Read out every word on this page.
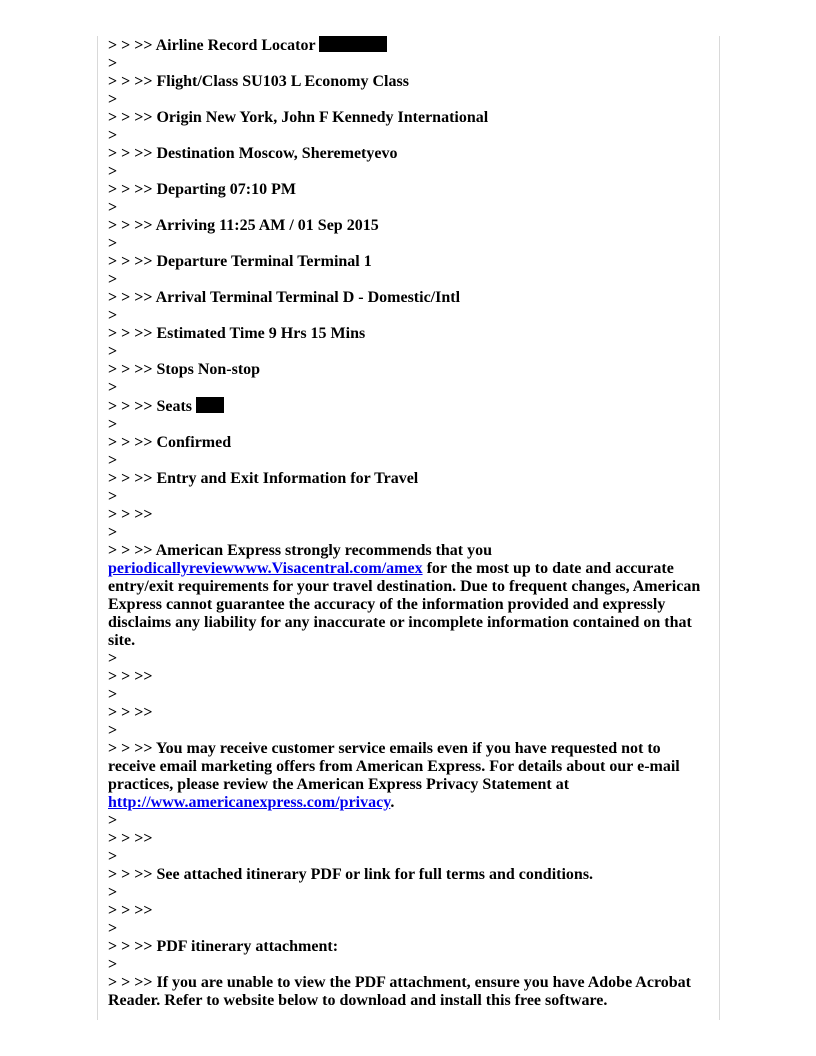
> > >> Airline Record Locator

>

> > >> Flight/Class SU103 L Economy Class

>

> > >> Origin New York, John F Kennedy International

>

> > >> Destination Moscow, Sheremetyevo

>

> > >> Departing 07:10 PM

>

> > >> Arriving 11:25 AM / 01 Sep 2015

>

> > >> Departure Terminal Terminal 1

>

> > >> Arrival Terminal Terminal D - Domestic/Intl

>

> > >> Estimated Time 9 Hrs 15 Mins

>

> > >> Stops Non-stop

>

> > >> Seats

>

> > >> Confirmed

>

> > >> Entry and Exit Information for Travel

>

> > >>

>

> > >> American Express strongly recommends that you periodicallyreviewwww.Visacentral.com/amex for the most up to date and accurate entry/exit requirements for your travel destination. Due to frequent changes, American Express cannot guarantee the accuracy of the information provided and expressly disclaims any liability for any inaccurate or incomplete information contained on that site.

>

> > >>

>

> > >>

>

> > >> You may receive customer service emails even if you have requested not to receive email marketing offers from American Express. For details about our e-mail practices, please review the American Express Privacy Statement at http://www.americanexpress.com/privacy.

>

> > >>

>

> > >> See attached itinerary PDF or link for full terms and conditions.

>

> > >>

>

> > >> PDF itinerary attachment:

>

> > >> If you are unable to view the PDF attachment, ensure you have Adobe Acrobat Reader. Refer to website below to download and install this free software.
